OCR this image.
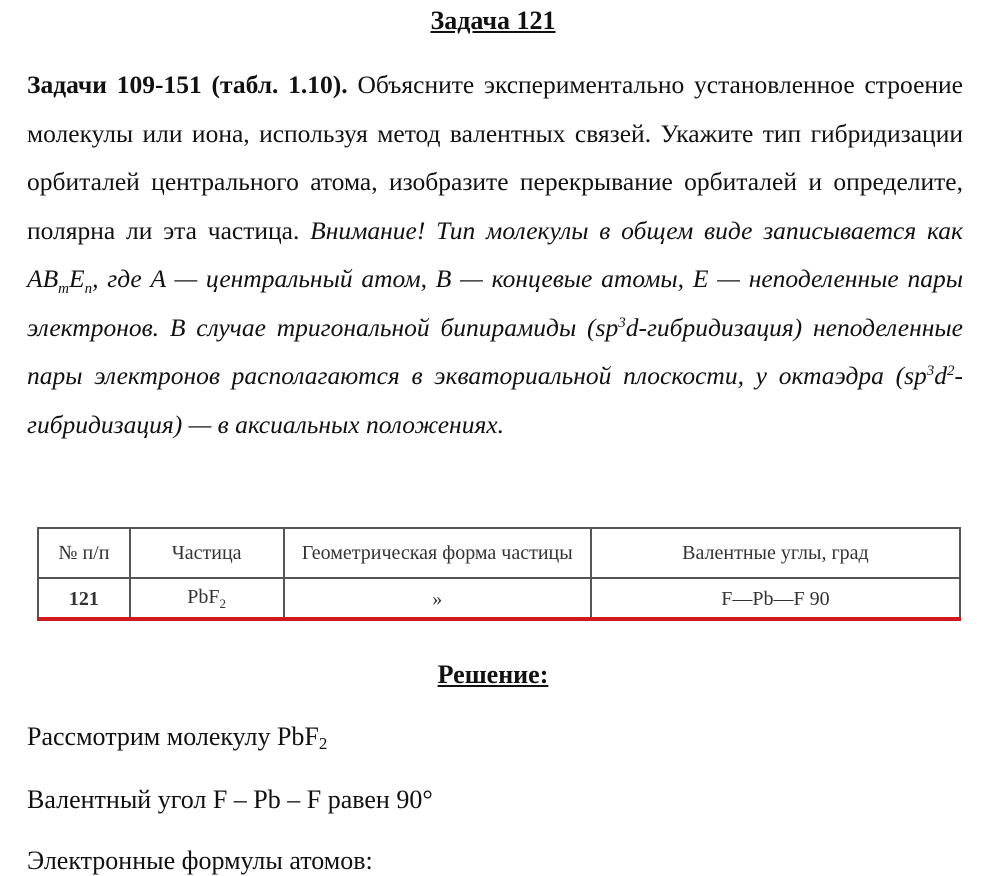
Задача 121
Задачи 109-151 (табл. 1.10). Объясните экспериментально установленное строение молекулы или иона, используя метод валентных связей. Укажите тип гибридизации орбиталей центрального атома, изобразите перекрывание орбиталей и определите, полярна ли эта частица. Внимание! Тип молекулы в общем виде записывается как $AB_mE_n$, где A — центральный атом, B — концевые атомы, E — неподеленные пары электронов. В случае тригональной бипирамиды $(sp^3d-гибридизация)$ неподеленные пары электронов располагаются в экваториальной плоскости, у октаэдра $(sp^3d^2-гибридизация)$ — в аксиальных положениях.
№ п/п	Частица	Геометрическая форма частицы	Валентные углы, град
121	PbF$_2$	»	F—Pb—F 90
Решение:
Рассмотрим молекулу PbF$_2$
Валентный угол F – Pb – F равен 90°
Электронные формулы атомов:
